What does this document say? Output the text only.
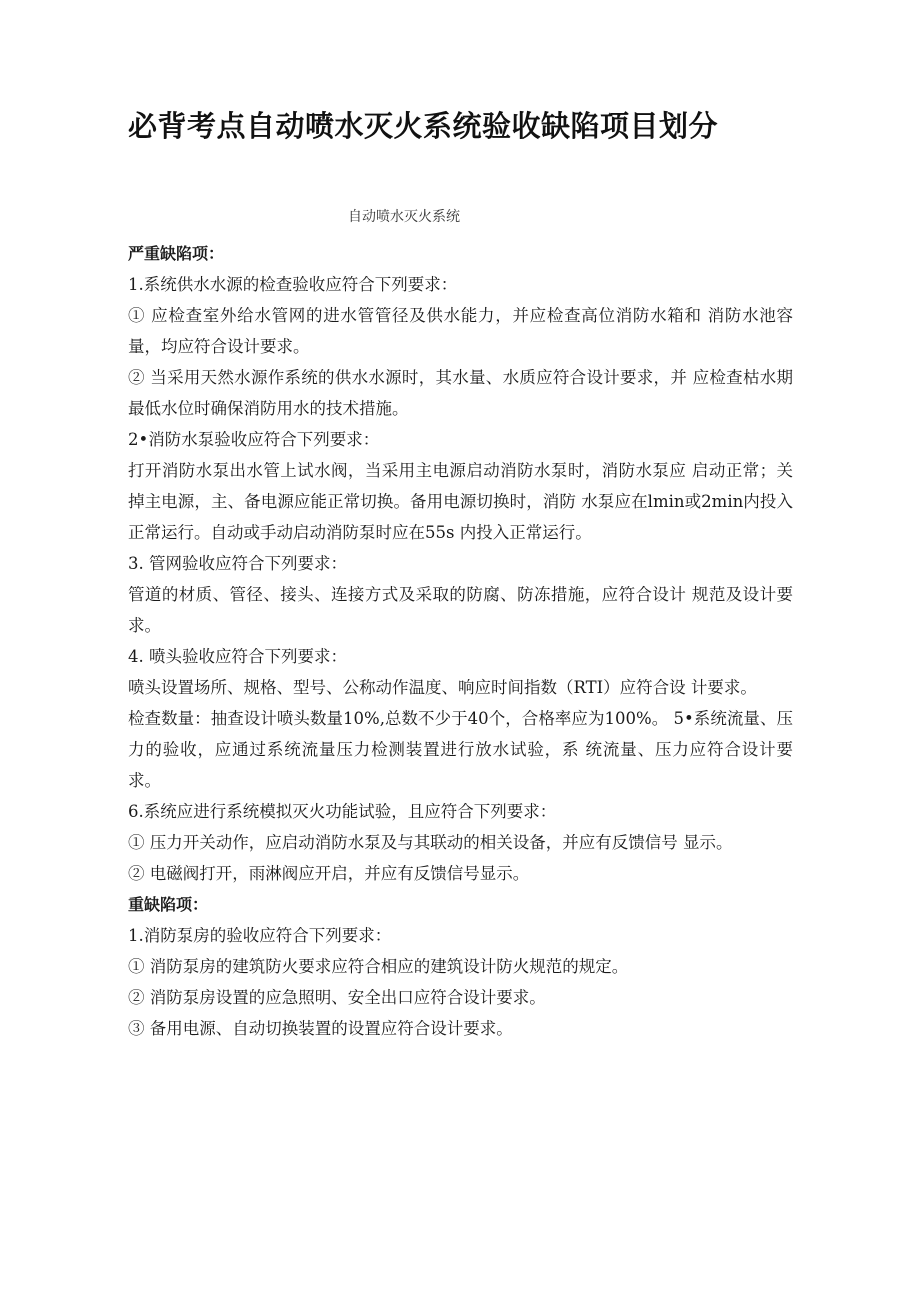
必背考点自动喷水灭火系统验收缺陷项目划分
自动喷水灭火系统

严重缺陷项：

1.系统供水水源的检查验收应符合下列要求：

① 应检查室外给水管网的进水管管径及供水能力，并应检查高位消防水箱和 消防水池容量，均应符合设计要求。

② 当采用天然水源作系统的供水水源时，其水量、水质应符合设计要求，并 应检查枯水期最低水位时确保消防用水的技术措施。

2•消防水泵验收应符合下列要求：

打开消防水泵出水管上试水阀，当采用主电源启动消防水泵时，消防水泵应 启动正常；关掉主电源，主、备电源应能正常切换。备用电源切换时，消防 水泵应在lmin或2min内投入正常运行。自动或手动启动消防泵时应在55s 内投入正常运行。

3. 管网验收应符合下列要求：

管道的材质、管径、接头、连接方式及采取的防腐、防冻措施，应符合设计 规范及设计要求。

4. 喷头验收应符合下列要求：

喷头设置场所、规格、型号、公称动作温度、响应时间指数（RTI）应符合设 计要求。

检查数量：抽查设计喷头数量10%,总数不少于40个，合格率应为100%。 5•系统流量、压力的验收，应通过系统流量压力检测装置进行放水试验，系 统流量、压力应符合设计要求。

6.系统应进行系统模拟灭火功能试验，且应符合下列要求：

① 压力开关动作，应启动消防水泵及与其联动的相关设备，并应有反馈信号 显示。

② 电磁阀打开，雨淋阀应开启，并应有反馈信号显示。

重缺陷项：

1.消防泵房的验收应符合下列要求：

① 消防泵房的建筑防火要求应符合相应的建筑设计防火规范的规定。

② 消防泵房设置的应急照明、安全出口应符合设计要求。

③ 备用电源、自动切换装置的设置应符合设计要求。
